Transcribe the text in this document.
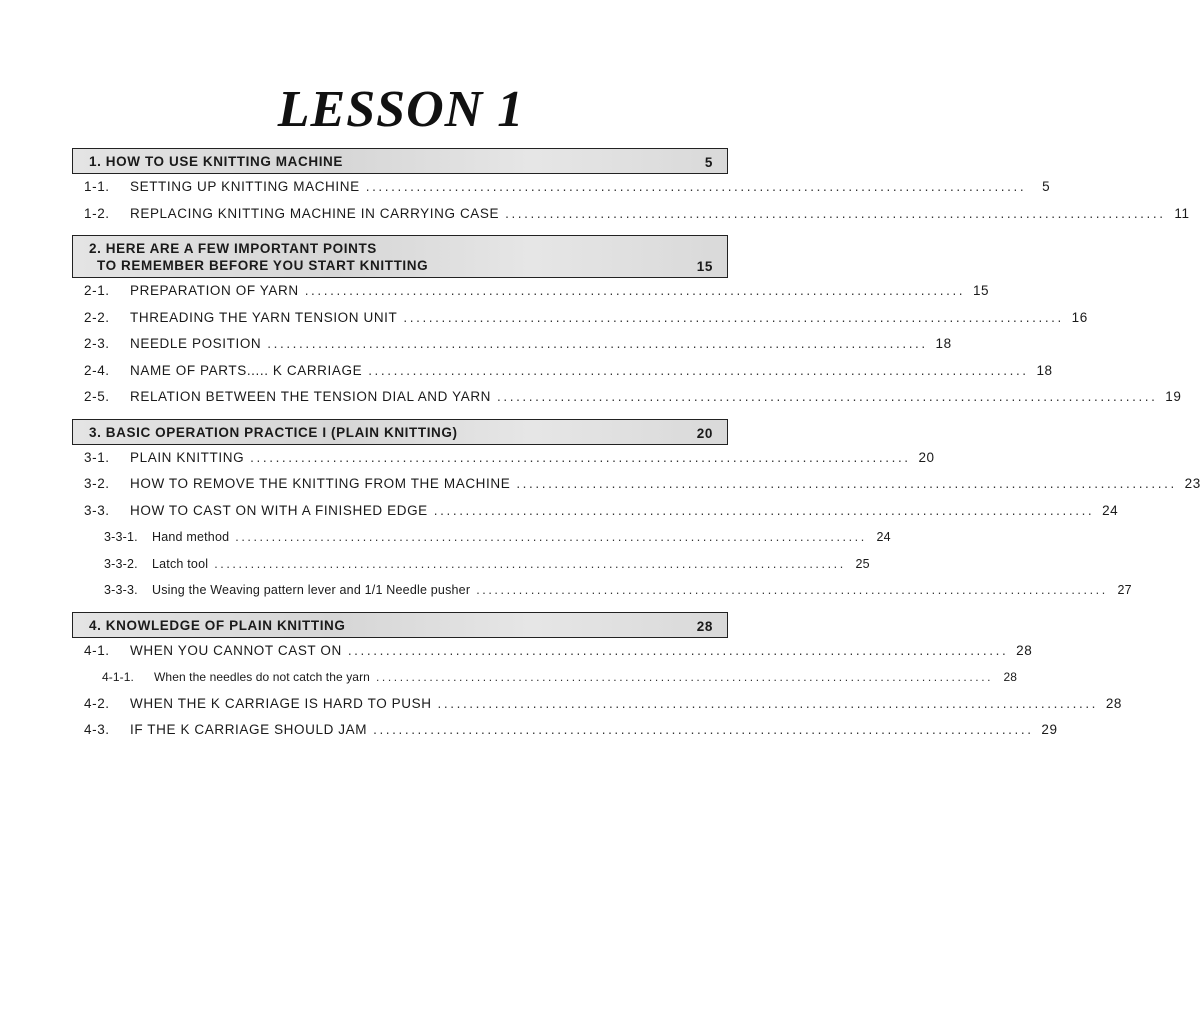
LESSON 1
1. HOW TO USE KNITTING MACHINE	5
1-1.	SETTING UP KNITTING MACHINE ........................................................................................................	5
1-2.	REPLACING KNITTING MACHINE IN CARRYING CASE ........................................................................................................ 11
2. HERE ARE A FEW IMPORTANT POINTS
TO REMEMBER BEFORE YOU START KNITTING	15
2-1.	PREPARATION OF YARN ........................................................................................................ 15
2-2.	THREADING THE YARN TENSION UNIT ........................................................................................................ 16
2-3.	NEEDLE POSITION ........................................................................................................ 18
2-4.	NAME OF PARTS..... K CARRIAGE ........................................................................................................ 18
2-5.	RELATION BETWEEN THE TENSION DIAL AND YARN ........................................................................................................ 19
3. BASIC OPERATION PRACTICE I (PLAIN KNITTING)	20
3-1.	PLAIN KNITTING ........................................................................................................ 20
3-2.	HOW TO REMOVE THE KNITTING FROM THE MACHINE ........................................................................................................ 23
3-3.	HOW TO CAST ON WITH A FINISHED EDGE ........................................................................................................ 24
3-3-1.	Hand method ........................................................................................................ 24
3-3-2.	Latch tool ........................................................................................................ 25
3-3-3.	Using the Weaving pattern lever and 1/1 Needle pusher ........................................................................................................ 27
4. KNOWLEDGE OF PLAIN KNITTING	28
4-1.	WHEN YOU CANNOT CAST ON ........................................................................................................ 28
4-1-1.	When the needles do not catch the yarn ........................................................................................................ 28
4-2.	WHEN THE K CARRIAGE IS HARD TO PUSH ........................................................................................................ 28
4-3.	IF THE K CARRIAGE SHOULD JAM ........................................................................................................ 29
